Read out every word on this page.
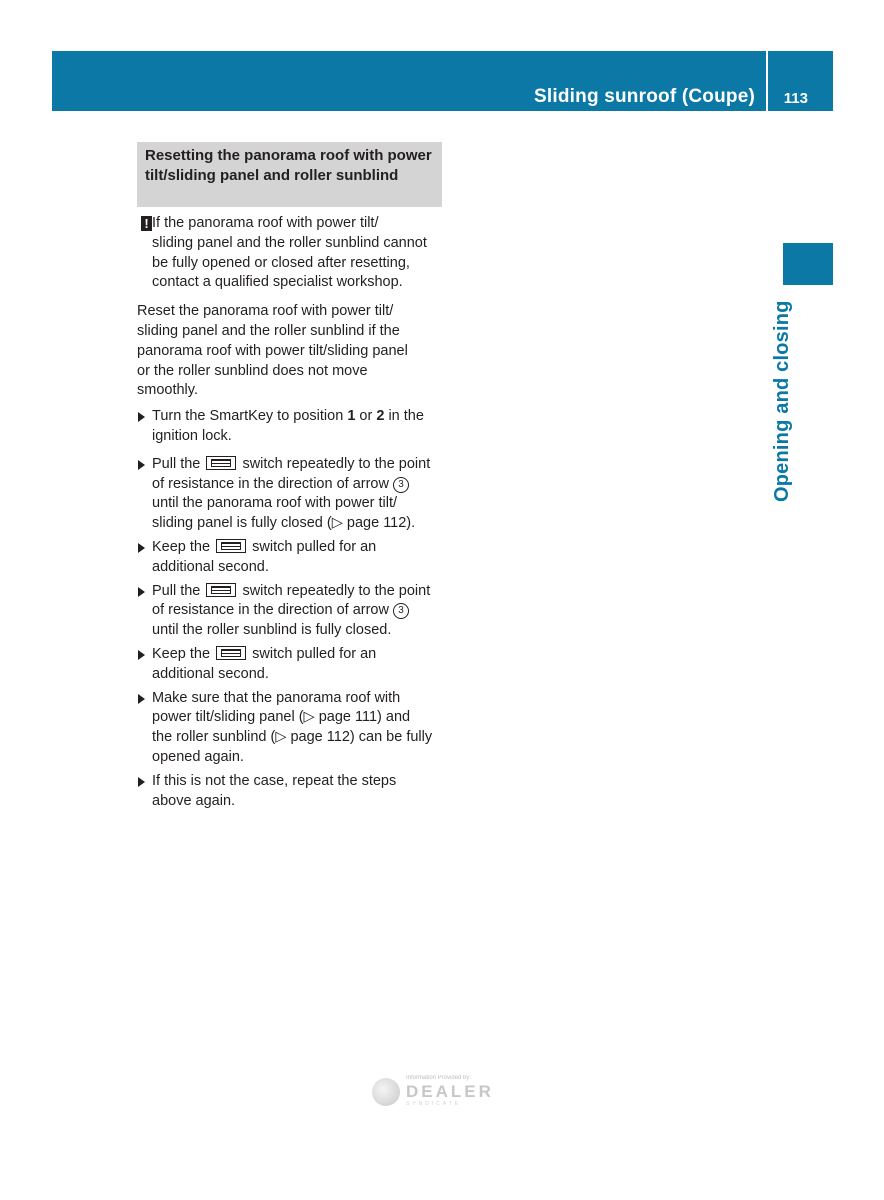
Sliding sunroof (Coupe) 113
Opening and closing
Resetting the panorama roof with power tilt/sliding panel and roller sunblind
! If the panorama roof with power tilt/
sliding panel and the roller sunblind cannot
be fully opened or closed after resetting,
contact a qualified specialist workshop.
Reset the panorama roof with power tilt/
sliding panel and the roller sunblind if the
panorama roof with power tilt/sliding panel
or the roller sunblind does not move
smoothly.
Turn the SmartKey to position 1 or 2 in the
ignition lock.
Pull the	switch repeatedly to the point
of resistance in the direction of arrow 3
until the panorama roof with power tilt/
sliding panel is fully closed (▷ page 112).
Keep the	switch pulled for an
additional second.
Pull the	switch repeatedly to the point
of resistance in the direction of arrow 3
until the roller sunblind is fully closed.
Keep the	switch pulled for an
additional second.
Make sure that the panorama roof with
power tilt/sliding panel (▷ page 111) and
the roller sunblind (▷ page 112) can be fully
opened again.
If this is not the case, repeat the steps
above again.
Information Provided by:
DEALER
SYNDICATE
